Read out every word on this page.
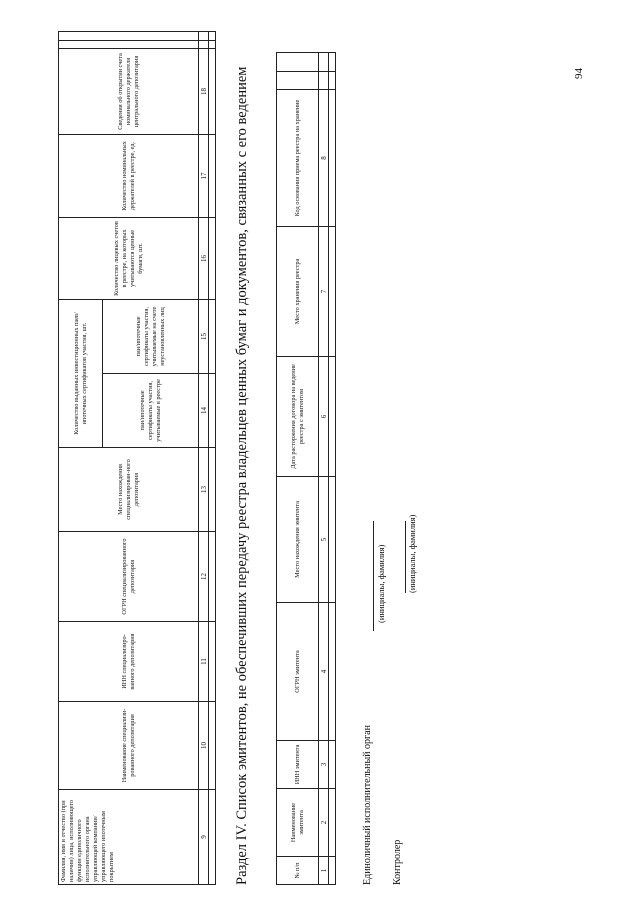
Фамилия, имя и отчество (при наличии) лица, исполняющего функции единоличного исполнительного органа управляющей компании/ управляющего ипотечным покрытием	Наименование специализи-рованного депозитария	ИНН специализиро-ванного депозитария	ОГРН специализированного депозитария	Место нахождения специализирован-ного депозитария	Количество выданных инвестиционных паев/ипотечных сертификатов участия, шт.		Количество лицевых счетов в реестре, на которых учитываются ценные бумаги, шт.	Количество номинальных держателей в реестре, ед.	Сведения об открытии счета номинального держателя центрального депозитария		
					паи/ипотечные сертификаты участия, учитываемые в реестре	паи/ипотечные сертификаты участия, учитываемые на счете неустановленных лиц					
9	10	11	12	13	14	15	16	17	18		
											Раздел IV. Список эмитентов, не обеспечивших передачу реестра владельцев ценных бумаг и документов, связанных с его ведением	№ п/п	Наименование эмитента	ИНН эмитента	ОГРН эмитента	Место нахождения эмитента	Дата расторжения договора на ведение реестра с эмитентом	Место хранения реестра	Код основания приема реестра на хранение		
1	2	3	4	5	6	7	8		

Единоличный исполнительный орган
(инициалы, фамилия)
Контролер
(инициалы, фамилия)
94
